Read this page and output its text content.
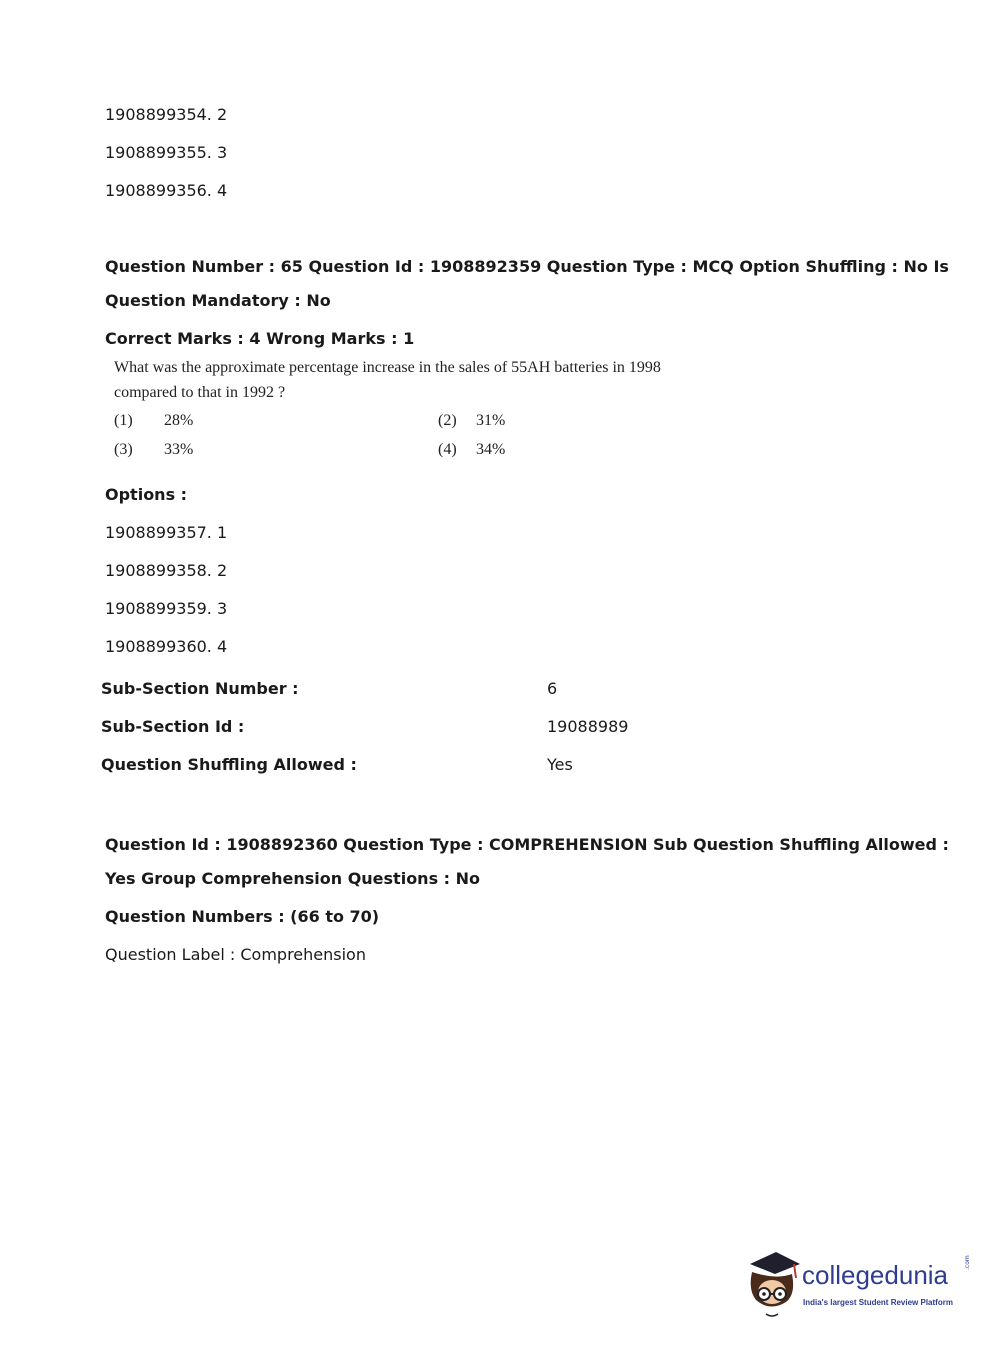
1908899354. 2
1908899355. 3
1908899356. 4
Question Number : 65 Question Id : 1908892359 Question Type : MCQ Option Shuffling : No Is
Question Mandatory : No
Correct Marks : 4 Wrong Marks : 1
What was the approximate percentage increase in the sales of 55AH batteries in 1998
compared to that in 1992 ?
(1) 28%	(2) 31%
(3) 33%	(4) 34%
Options :
1908899357. 1
1908899358. 2
1908899359. 3
1908899360. 4
Sub-Section Number :	6
Sub-Section Id :	19088989
Question Shuffling Allowed :	Yes
Question Id : 1908892360 Question Type : COMPREHENSION Sub Question Shuffling Allowed :
Yes Group Comprehension Questions : No
Question Numbers : (66 to 70)
Question Label : Comprehension
collegedunia	.com
India's largest Student Review Platform
